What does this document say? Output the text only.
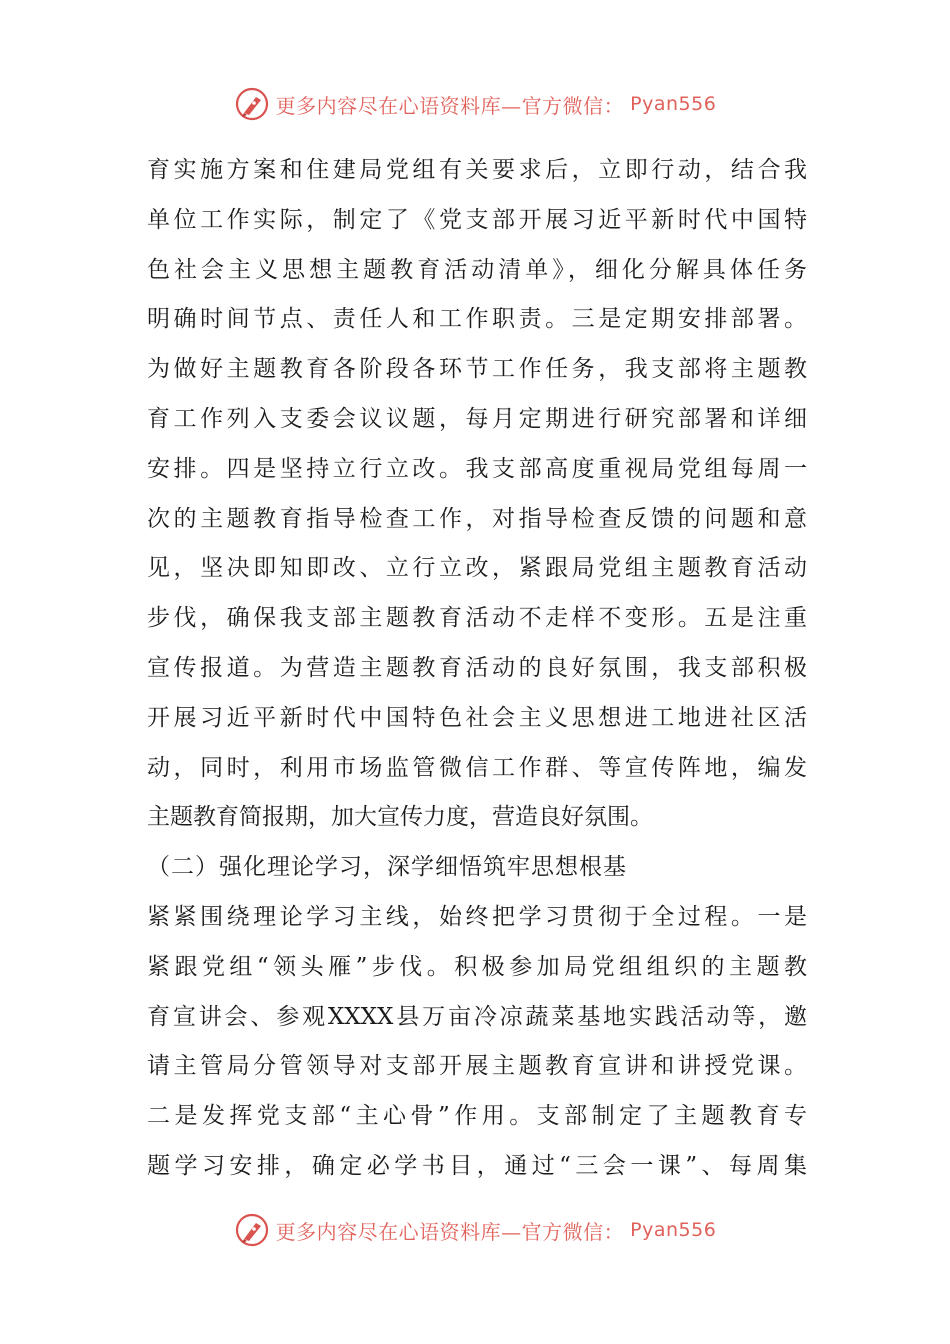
更多内容尽在心语资料库—官方微信： Pyan556
育实施方案和住建局党组有关要求后，立即行动，结合我
单位工作实际，制定了《党支部开展习近平新时代中国特
色社会主义思想主题教育活动清单》，细化分解具体任务
明确时间节点、责任人和工作职责。三是定期安排部署。
为做好主题教育各阶段各环节工作任务，我支部将主题教
育工作列入支委会议议题，每月定期进行研究部署和详细
安排。四是坚持立行立改。我支部高度重视局党组每周一
次的主题教育指导检查工作，对指导检查反馈的问题和意
见，坚决即知即改、立行立改，紧跟局党组主题教育活动
步伐，确保我支部主题教育活动不走样不变形。五是注重
宣传报道。为营造主题教育活动的良好氛围，我支部积极
开展习近平新时代中国特色社会主义思想进工地进社区活
动，同时，利用市场监管微信工作群、等宣传阵地，编发
主题教育简报期，加大宣传力度，营造良好氛围。
（二）强化理论学习，深学细悟筑牢思想根基
紧紧围绕理论学习主线，始终把学习贯彻于全过程。一是
紧跟党组“领头雁”步伐。积极参加局党组组织的主题教
育宣讲会、参观XXXX县万亩冷凉蔬菜基地实践活动等，邀
请主管局分管领导对支部开展主题教育宣讲和讲授党课。
二是发挥党支部“主心骨”作用。支部制定了主题教育专
题学习安排，确定必学书目，通过“三会一课”、每周集
更多内容尽在心语资料库—官方微信： Pyan556
